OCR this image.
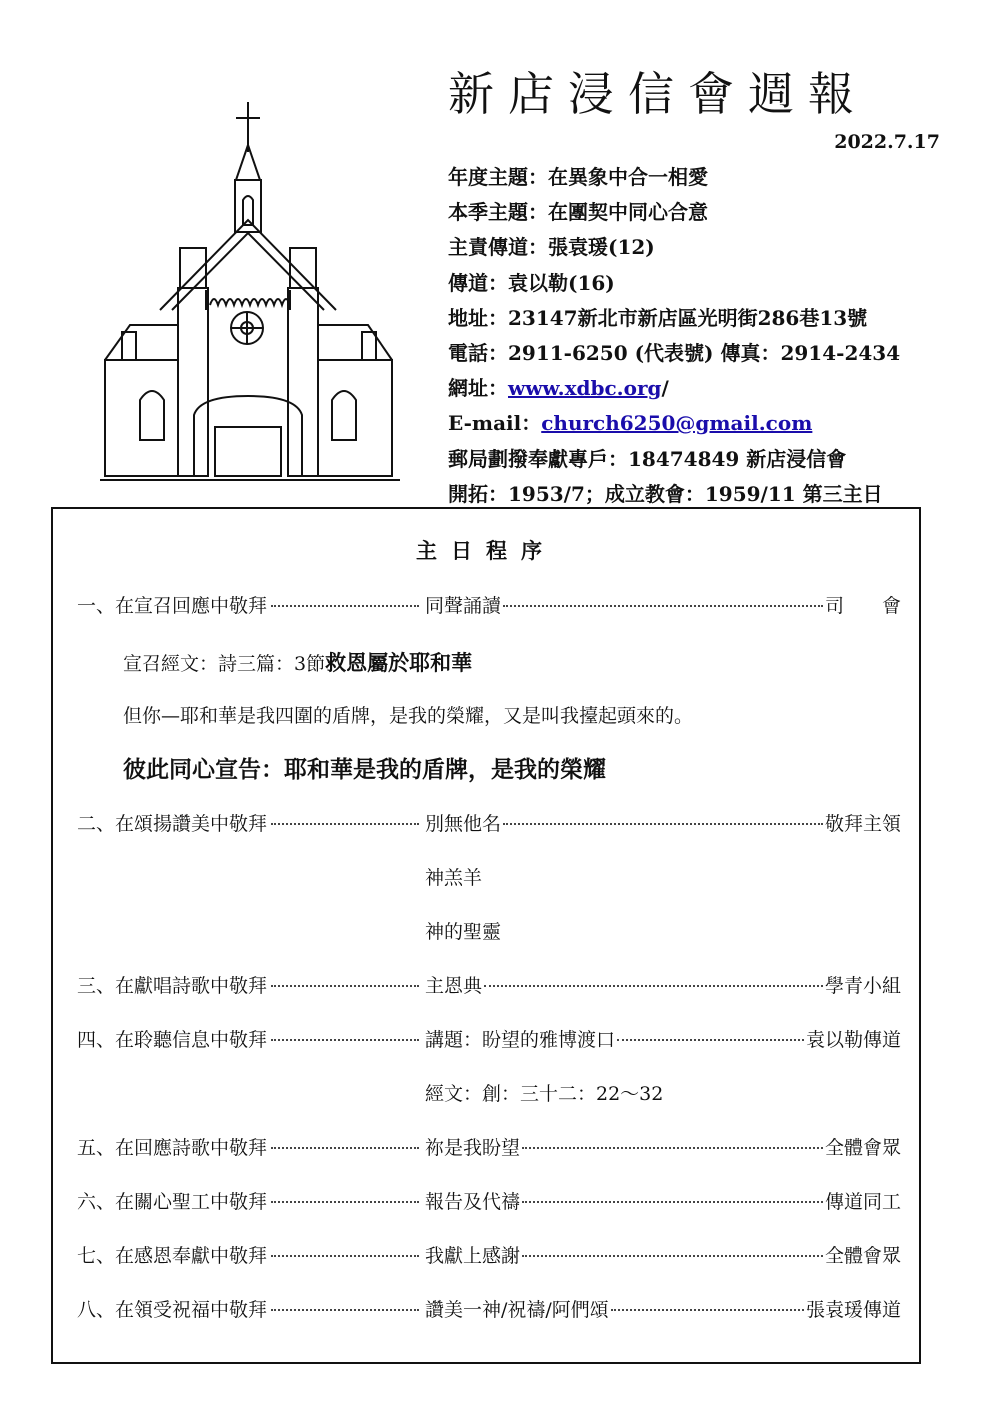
新店浸信會週報
2022.7.17
年度主題：在異象中合一相愛
本季主題：在團契中同心合意
主責傳道：張袁瑗(12)
傳道：袁以勒(16)
地址：23147新北市新店區光明街286巷13號
電話：2911-6250 (代表號) 傳真：2914-2434
網址：www.xdbc.org/
E-mail：church6250@gmail.com
郵局劃撥奉獻專戶：18474849 新店浸信會
開拓：1953/7；成立教會：1959/11 第三主日
主日程序
一、在宣召回應中敬拜	同聲誦讀	司　　會
宣召經文：詩三篇：3節救恩屬於耶和華
但你—耶和華是我四圍的盾牌，是我的榮耀，又是叫我擡起頭來的。
彼此同心宣告：耶和華是我的盾牌，是我的榮耀
二、在頌揚讚美中敬拜	別無他名	敬拜主領
神羔羊
神的聖靈
三、在獻唱詩歌中敬拜	主恩典	學青小組
四、在聆聽信息中敬拜	講題：盼望的雅博渡口	袁以勒傳道
經文：創：三十二：22～32
五、在回應詩歌中敬拜	祢是我盼望	全體會眾
六、在關心聖工中敬拜	報告及代禱	傳道同工
七、在感恩奉獻中敬拜	我獻上感謝	全體會眾
八、在領受祝福中敬拜	讚美一神/祝禱/阿們頌	張袁瑗傳道
